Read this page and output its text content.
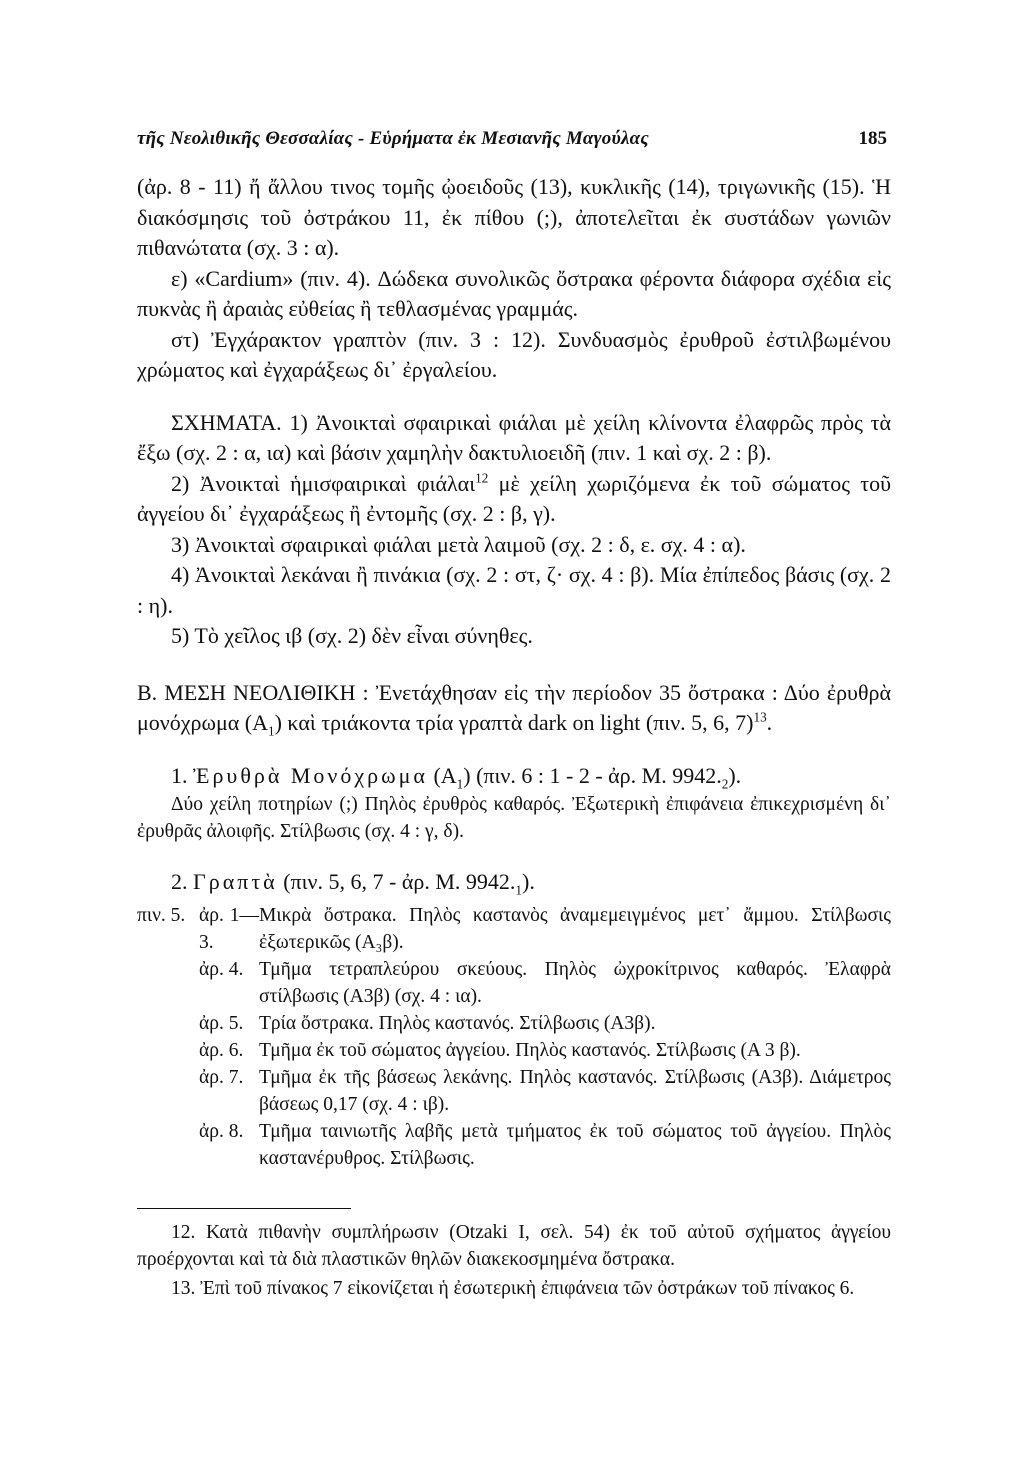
τῆς Νεολιθικῆς Θεσσαλίας - Εὑρήματα ἐκ Μεσιανῆς Μαγούλας	185

(ἀρ. 8 - 11) ἤ ἄλλου τινος τομῆς ᾠοειδοῦς (13), κυκλικῆς (14), τριγωνικῆς (15). Ἡ διακόσμησις τοῦ ὀστράκου 11, ἐκ πίθου (;), ἀποτελεῖται ἐκ συστάδων γωνιῶν πιθανώτατα (σχ. 3 : α).

ε) «Cardium» (πιν. 4). Δώδεκα συνολικῶς ὄστρακα φέροντα διάφορα σχέδια εἰς πυκνὰς ἢ ἀραιὰς εὐθείας ἢ τεθλασμένας γραμμάς.

στ) Ἐγχάρακτον γραπτὸν (πιν. 3 : 12). Συνδυασμὸς ἐρυθροῦ ἐστιλβωμένου χρώματος καὶ ἐγχαράξεως δι᾽ ἐργαλείου.

ΣΧΗΜΑΤΑ. 1) Ἀνοικταὶ σφαιρικαὶ φιάλαι μὲ χείλη κλίνοντα ἐλαφρῶς πρὸς τὰ ἔξω (σχ. 2 : α, ια) καὶ βάσιν χαμηλὴν δακτυλιοειδῆ (πιν. 1 καὶ σχ. 2 : β).

2) Ἀνοικταὶ ἡμισφαιρικαὶ φιάλαι$^{12}$ μὲ χείλη χωριζόμενα ἐκ τοῦ σώματος τοῦ ἀγγείου δι᾽ ἐγχαράξεως ἢ ἐντομῆς (σχ. 2 : β, γ).

3) Ἀνοικταὶ σφαιρικαὶ φιάλαι μετὰ λαιμοῦ (σχ. 2 : δ, ε. σχ. 4 : α).

4) Ἀνοικταὶ λεκάναι ἢ πινάκια (σχ. 2 : στ, ζ· σχ. 4 : β). Μία ἐπίπεδος βάσις (σχ. 2 : η).

5) Τὸ χεῖλος ιβ (σχ. 2) δὲν εἶναι σύνηθες.

B. ΜΕΣΗ ΝΕΟΛΙΘΙΚΗ : Ἐνετάχθησαν εἰς τὴν περίοδον 35 ὄστρακα : Δύο ἐρυθρὰ μονόχρωμα $(A_1)$ καὶ τριάκοντα τρία γραπτὰ dark on light (πιν. 5, 6, 7)$^{13}$.

1. Ἐρυθρὰ Μονόχρωμα $(A_1)$ (πιν. 6 : 1 - 2 - ἀρ. M. $9942._2$).

Δύο χείλη ποτηρίων (;) Πηλὸς ἐρυθρὸς καθαρός. Ἐξωτερικὴ ἐπιφάνεια ἐπικεχρισμένη δι᾽ ἐρυθρᾶς ἀλοιφῆς. Στίλβωσις (σχ. 4 : γ, δ).

2. Γραπτὰ (πιν. 5, 6, 7 - ἀρ. M. $9942._1$).

πιν. 5. ἀρ. 1—3.
Μικρὰ ὄστρακα. Πηλὸς καστανὸς ἀναμεμειγμένος μετ᾽ ἄμμου. Στίλβωσις ἐξωτερικῶς (A₃β).
ἀρ. 4. Τμῆμα τετραπλεύρου σκεύους. Πηλὸς ὠχροκίτρινος καθαρός. Ἐλαφρὰ στίλβωσις (A3β) (σχ. 4 : ια).
ἀρ. 5. Τρία ὄστρακα. Πηλὸς καστανός. Στίλβωσις (A3β).
ἀρ. 6. Τμῆμα ἐκ τοῦ σώματος ἀγγείου. Πηλὸς καστανός. Στίλβωσις (A 3 β).
ἀρ. 7. Τμῆμα ἐκ τῆς βάσεως λεκάνης. Πηλὸς καστανός. Στίλβωσις (A3β). Διάμετρος βάσεως 0,17 (σχ. 4 : ιβ).
ἀρ. 8. Τμῆμα ταινιωτῆς λαβῆς μετὰ τμήματος ἐκ τοῦ σώματος τοῦ ἀγγείου. Πηλὸς καστανέρυθρος. Στίλβωσις.

12. Κατὰ πιθανὴν συμπλήρωσιν (Otzaki I, σελ. 54) ἐκ τοῦ αὐτοῦ σχήματος ἀγγείου προέρχονται καὶ τὰ διὰ πλαστικῶν θηλῶν διακεκοσμημένα ὄστρακα.

13. Ἐπὶ τοῦ πίνακος 7 εἰκονίζεται ἡ ἐσωτερικὴ ἐπιφάνεια τῶν ὀστράκων τοῦ πίνακος 6.
